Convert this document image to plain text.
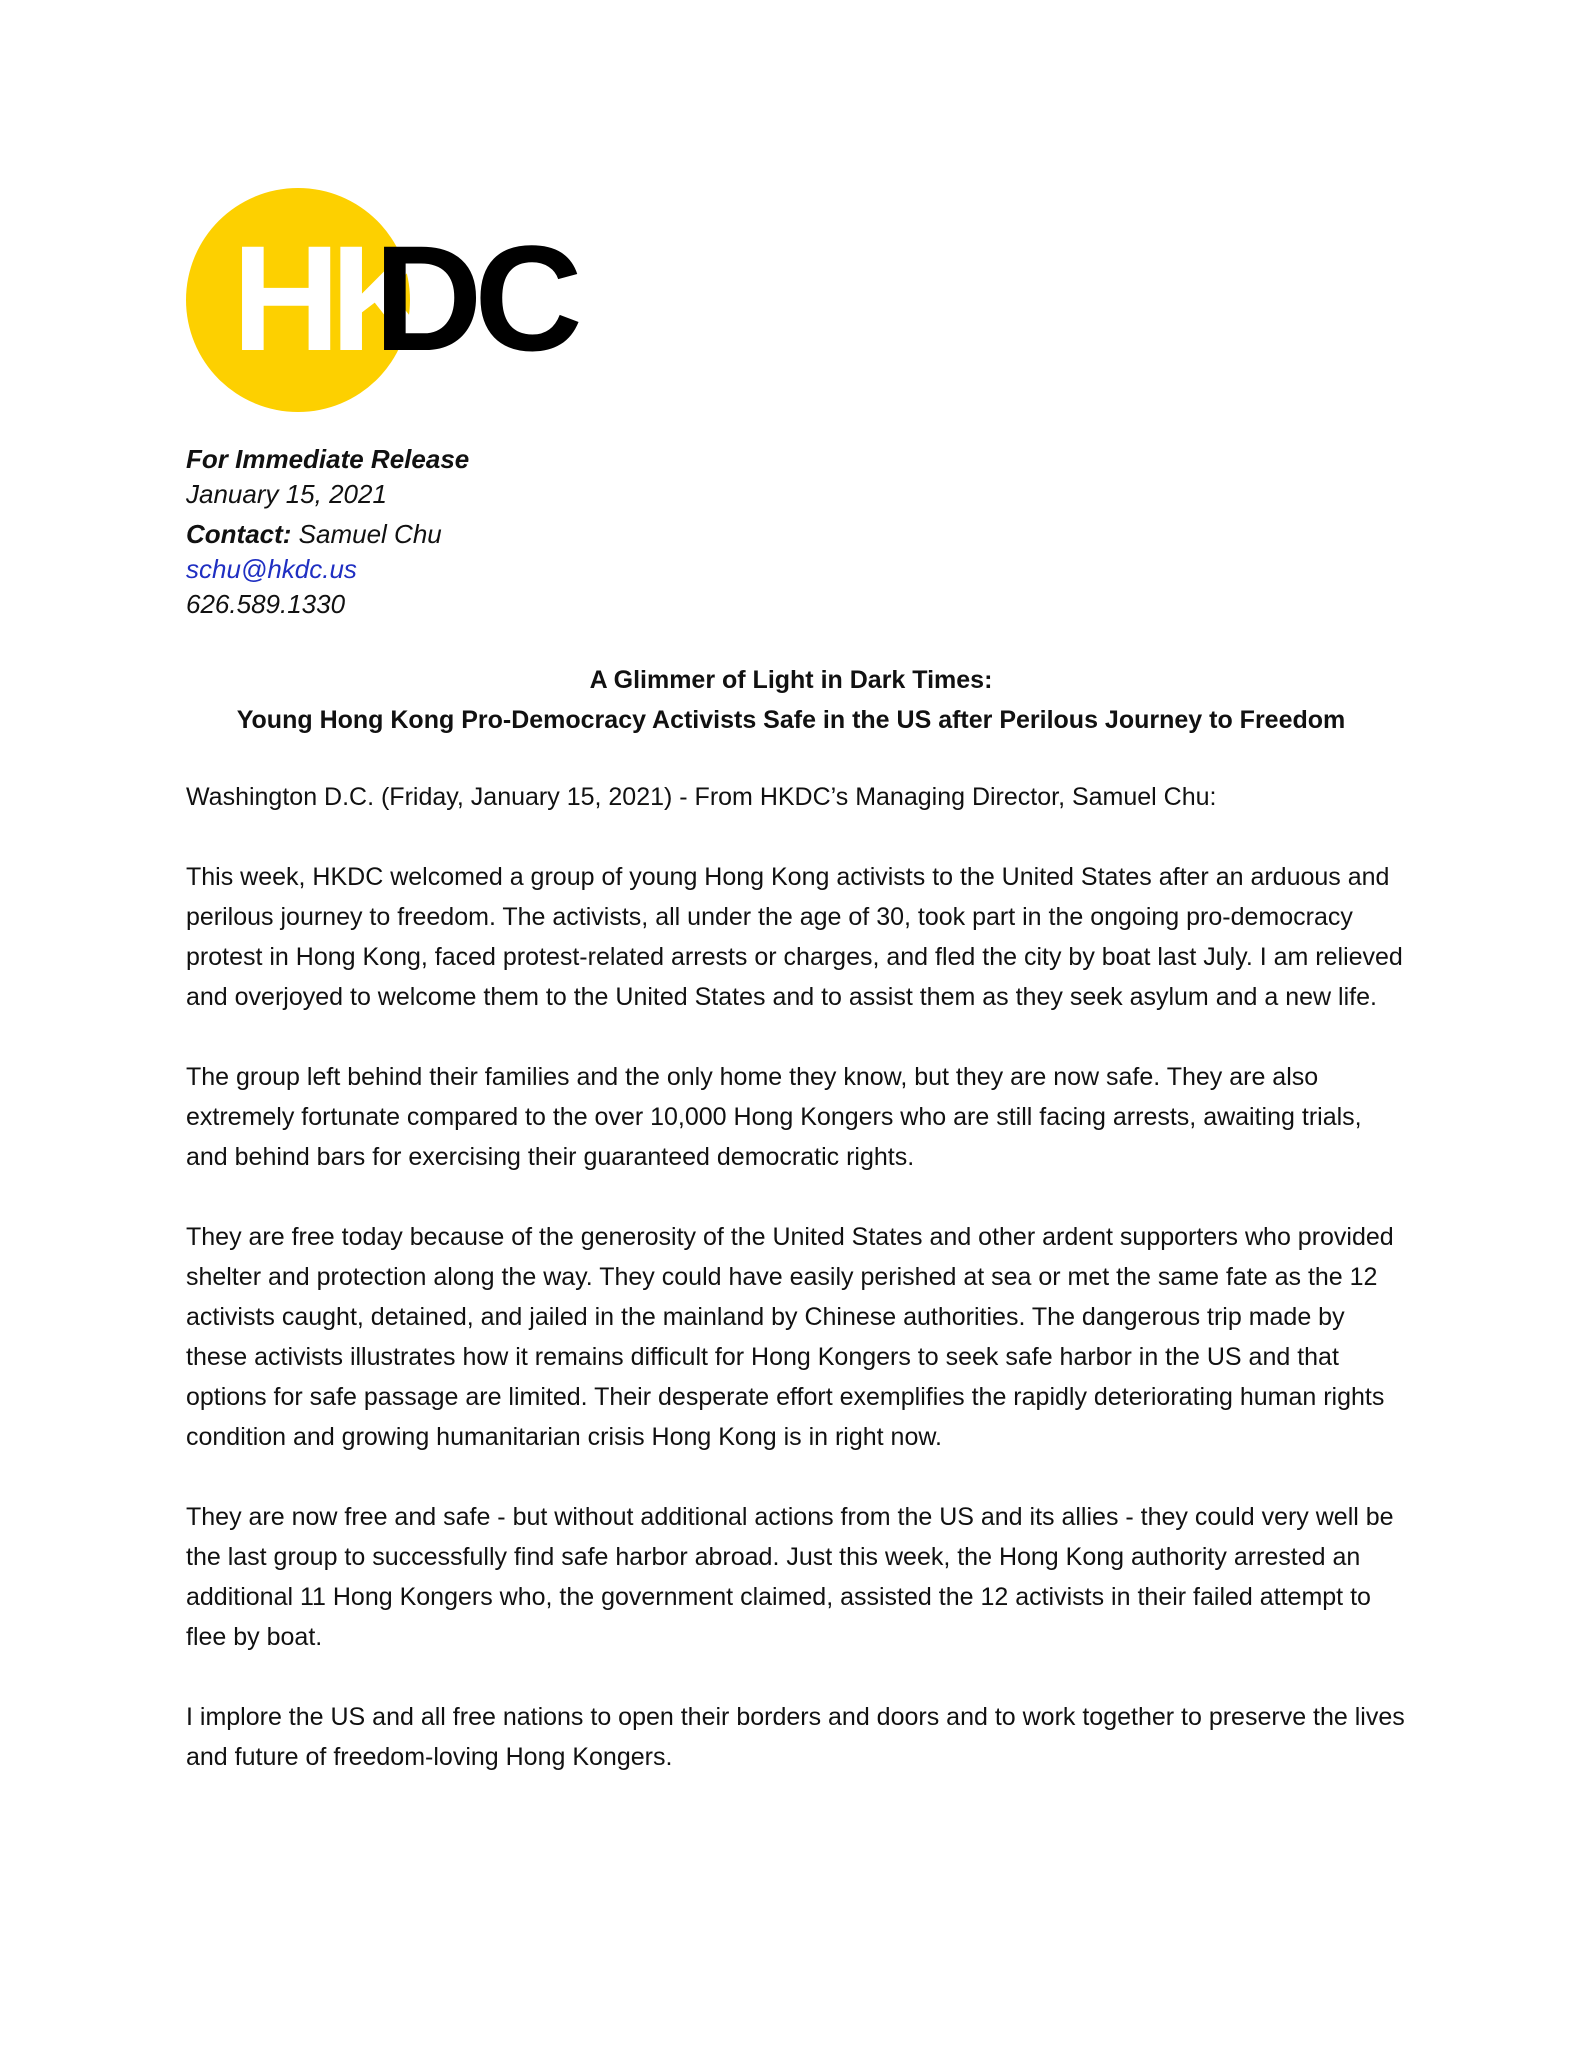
HK
DC
For Immediate Release
January 15, 2021
Contact: Samuel Chu
schu@hkdc.us
626.589.1330
A Glimmer of Light in Dark Times:
Young Hong Kong Pro-Democracy Activists Safe in the US after Perilous Journey to Freedom

Washington D.C. (Friday, January 15, 2021) - From HKDC’s Managing Director, Samuel Chu:

This week, HKDC welcomed a group of young Hong Kong activists to the United States after an arduous and perilous journey to freedom. The activists, all under the age of 30, took part in the ongoing pro-democracy protest in Hong Kong, faced protest-related arrests or charges, and fled the city by boat last July. I am relieved and overjoyed to welcome them to the United States and to assist them as they seek asylum and a new life.

The group left behind their families and the only home they know, but they are now safe. They are also extremely fortunate compared to the over 10,000 Hong Kongers who are still facing arrests, awaiting trials, and behind bars for exercising their guaranteed democratic rights.

They are free today because of the generosity of the United States and other ardent supporters who provided shelter and protection along the way. They could have easily perished at sea or met the same fate as the 12 activists caught, detained, and jailed in the mainland by Chinese authorities. The dangerous trip made by these activists illustrates how it remains difficult for Hong Kongers to seek safe harbor in the US and that options for safe passage are limited. Their desperate effort exemplifies the rapidly deteriorating human rights condition and growing humanitarian crisis Hong Kong is in right now.

They are now free and safe - but without additional actions from the US and its allies - they could very well be the last group to successfully find safe harbor abroad. Just this week, the Hong Kong authority arrested an additional 11 Hong Kongers who, the government claimed, assisted the 12 activists in their failed attempt to flee by boat.

I implore the US and all free nations to open their borders and doors and to work together to preserve the lives and future of freedom-loving Hong Kongers.
